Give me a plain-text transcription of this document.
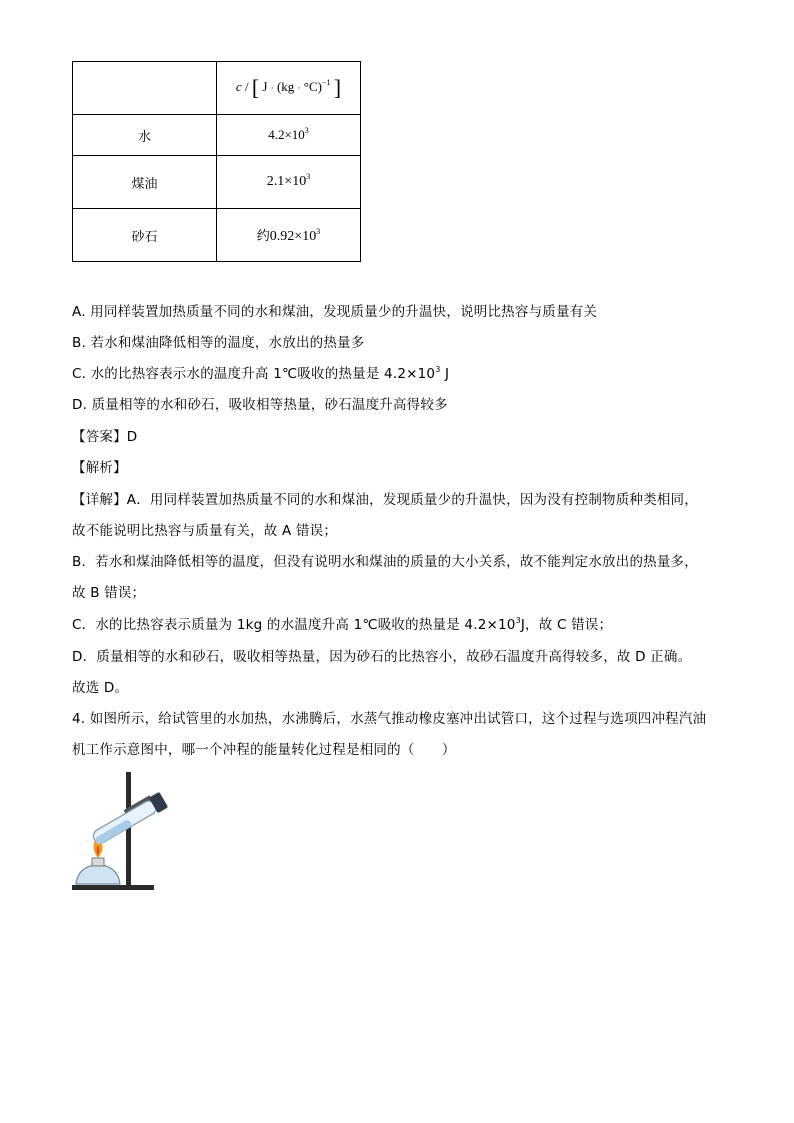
	c / [ J · (kg · °C)$^{-1}$ ]
水	$4.2\times 10^3$
煤油	$2.1\times 10^3$
砂石	约$0.92\times 10^3$
A. 用同样装置加热质量不同的水和煤油，发现质量少的升温快，说明比热容与质量有关
B. 若水和煤油降低相等的温度，水放出的热量多
C. 水的比热容表示水的温度升高 1℃吸收的热量是 $4.2\times 10^3$ J
D. 质量相等的水和砂石，吸收相等热量，砂石温度升高得较多
【答案】D
【解析】
【详解】A．用同样装置加热质量不同的水和煤油，发现质量少的升温快，因为没有控制物质种类相同，
故不能说明比热容与质量有关，故 A 错误；
B．若水和煤油降低相等的温度，但没有说明水和煤油的质量的大小关系，故不能判定水放出的热量多，
故 B 错误；
C．水的比热容表示质量为 1kg 的水温度升高 1℃吸收的热量是 $4.2\times 10^3J$，故 C 错误；
D．质量相等的水和砂石，吸收相等热量，因为砂石的比热容小，故砂石温度升高得较多，故 D 正确。
故选 D。
4. 如图所示，给试管里的水加热，水沸腾后，水蒸气推动橡皮塞冲出试管口，这个过程与选项四冲程汽油
机工作示意图中，哪一个冲程的能量转化过程是相同的（　　）
